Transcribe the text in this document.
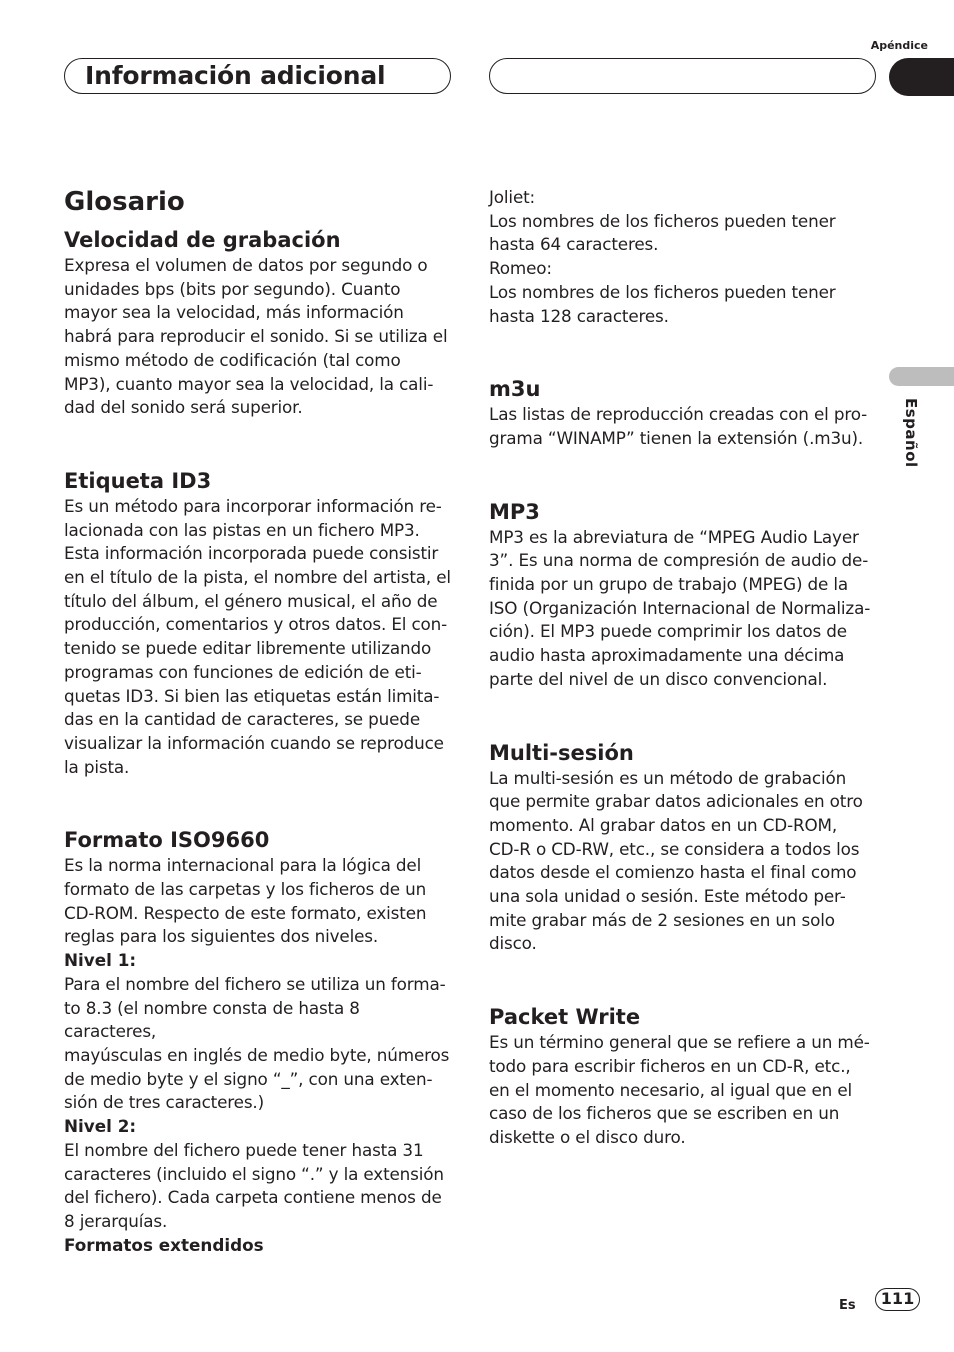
Apéndice
Información adicional
Español
Glosario
Velocidad de grabación

Expresa el volumen de datos por segundo o

unidades bps (bits por segundo). Cuanto

mayor sea la velocidad, más información

habrá para reproducir el sonido. Si se utiliza el

mismo método de codificación (tal como

MP3), cuanto mayor sea la velocidad, la cali-

dad del sonido será superior.

Etiqueta ID3

Es un método para incorporar información re-

lacionada con las pistas en un fichero MP3.

Esta información incorporada puede consistir

en el título de la pista, el nombre del artista, el

título del álbum, el género musical, el año de

producción, comentarios y otros datos. El con-

tenido se puede editar libremente utilizando

programas con funciones de edición de eti-

quetas ID3. Si bien las etiquetas están limita-

das en la cantidad de caracteres, se puede

visualizar la información cuando se reproduce

la pista.

Formato ISO9660

Es la norma internacional para la lógica del

formato de las carpetas y los ficheros de un

CD-ROM. Respecto de este formato, existen

reglas para los siguientes dos niveles.

Nivel 1:

Para el nombre del fichero se utiliza un forma-

to 8.3 (el nombre consta de hasta 8 caracteres,

mayúsculas en inglés de medio byte, números

de medio byte y el signo “_”, con una exten-

sión de tres caracteres.)

Nivel 2:

El nombre del fichero puede tener hasta 31

caracteres (incluido el signo “.” y la extensión

del fichero). Cada carpeta contiene menos de

8 jerarquías.

Formatos extendidos

Joliet:

Los nombres de los ficheros pueden tener

hasta 64 caracteres.

Romeo:

Los nombres de los ficheros pueden tener

hasta 128 caracteres.

m3u

Las listas de reproducción creadas con el pro-

grama “WINAMP” tienen la extensión (.m3u).

MP3

MP3 es la abreviatura de “MPEG Audio Layer

3”. Es una norma de compresión de audio de-

finida por un grupo de trabajo (MPEG) de la

ISO (Organización Internacional de Normaliza-

ción). El MP3 puede comprimir los datos de

audio hasta aproximadamente una décima

parte del nivel de un disco convencional.

Multi-sesión

La multi-sesión es un método de grabación

que permite grabar datos adicionales en otro

momento. Al grabar datos en un CD-ROM,

CD-R o CD-RW, etc., se considera a todos los

datos desde el comienzo hasta el final como

una sola unidad o sesión. Este método per-

mite grabar más de 2 sesiones en un solo

disco.

Packet Write

Es un término general que se refiere a un mé-

todo para escribir ficheros en un CD-R, etc.,

en el momento necesario, al igual que en el

caso de los ficheros que se escriben en un

diskette o el disco duro.

Es	111
